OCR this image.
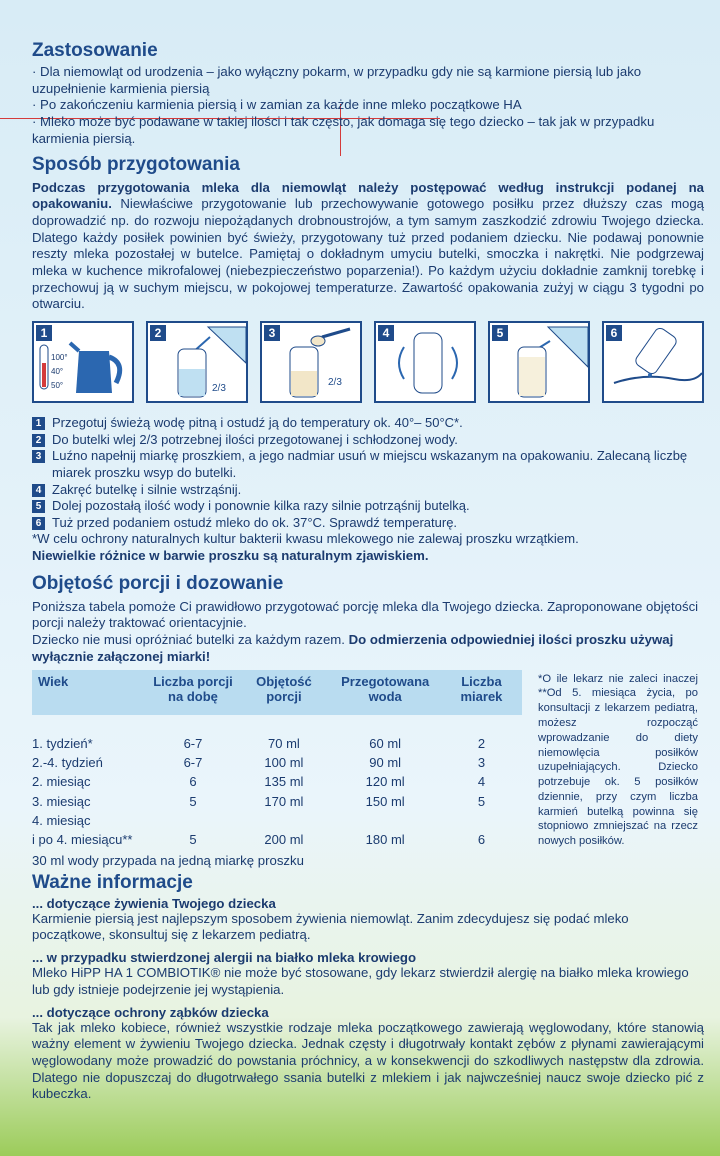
Zastosowanie

· Dla niemowląt od urodzenia – jako wyłączny pokarm, w przypadku gdy nie są karmione piersią lub jako uzupełnienie karmienia piersią

· Po zakończeniu karmienia piersią i w zamian za każde inne mleko początkowe HA

· Mleko może być podawane w takiej ilości i tak często, jak domaga się tego dziecko – tak jak w przypadku karmienia piersią.

Sposób przygotowania

Podczas przygotowania mleka dla niemowląt należy postępować według instrukcji podanej na opakowaniu. Niewłaściwe przygotowanie lub przechowywanie gotowego posiłku przez dłuższy czas mogą doprowadzić np. do rozwoju niepożądanych drobnoustrojów, a tym samym zaszkodzić zdrowiu Twojego dziecka. Dlatego każdy posiłek powinien być świeży, przygotowany tuż przed podaniem dziecku. Nie podawaj ponownie reszty mleka pozostałej w butelce. Pamiętaj o dokładnym umyciu butelki, smoczka i nakrętki. Nie podgrzewaj mleka w kuchence mikrofalowej (niebezpieczeństwo poparzenia!). Po każdym użyciu dokładnie zamknij torebkę i przechowuj ją w suchym miejscu, w pokojowej temperaturze. Zawartość opakowania zużyj w ciągu 3 tygodni po otwarciu.

1
100°
40°
50°
2
2/3
3
2/3
4	5	6
1 Przegotuj świeżą wodę pitną i ostudź ją do temperatury ok. 40°– 50°C*.
2 Do butelki wlej 2/3 potrzebnej ilości przegotowanej i schłodzonej wody.
3 Luźno napełnij miarkę proszkiem, a jego nadmiar usuń w miejscu wskazanym na opakowaniu. Zalecaną liczbę miarek proszku wsyp do butelki.
4 Zakręć butelkę i silnie wstrząśnij.
5 Dolej pozostałą ilość wody i ponownie kilka razy silnie potrząśnij butelką.
6 Tuż przed podaniem ostudź mleko do ok. 37°C. Sprawdź temperaturę.

*W celu ochrony naturalnych kultur bakterii kwasu mlekowego nie zalewaj proszku wrzątkiem.

Niewielkie różnice w barwie proszku są naturalnym zjawiskiem.

Objętość porcji i dozowanie

Poniższa tabela pomoże Ci prawidłowo przygotować porcję mleka dla Twojego dziecka. Zaproponowane objętości porcji należy traktować orientacyjnie.

Dziecko nie musi opróżniać butelki za każdym razem. Do odmierzenia odpowiedniej ilości proszku używaj wyłącznie załączonej miarki!

Wiek	Liczba porcji na dobę	Objętość porcji	Przegotowana woda	Liczba miarek

1. tydzień*	6-7	70 ml	60 ml	2
2.-4. tydzień	6-7	100 ml	90 ml	3
2. miesiąc	6	135 ml	120 ml	4
3. miesiąc	5	170 ml	150 ml	5
4. miesiąc				
i po 4. miesiącu**	5	200 ml	180 ml	6
*O ile lekarz nie zaleci inaczej **Od 5. miesiąca życia, po konsultacji z lekarzem pediatrą, możesz rozpocząć wprowadzanie do diety niemowlęcia posiłków uzupełniających. Dziecko potrzebuje ok. 5 posiłków dziennie, przy czym liczba karmień butelką powinna się stopniowo zmniejszać na rzecz nowych posiłków.

30 ml wody przypada na jedną miarkę proszku

Ważne informacje
... dotyczące żywienia Twojego dziecka

Karmienie piersią jest najlepszym sposobem żywienia niemowląt. Zanim zdecydujesz się podać mleko początkowe, skonsultuj się z lekarzem pediatrą.

... w przypadku stwierdzonej alergii na białko mleka krowiego

Mleko HiPP HA 1 COMBIOTIK® nie może być stosowane, gdy lekarz stwierdził alergię na białko mleka krowiego lub gdy istnieje podejrzenie jej wystąpienia.

... dotyczące ochrony ząbków dziecka

Tak jak mleko kobiece, również wszystkie rodzaje mleka początkowego zawierają węglowodany, które stanowią ważny element w żywieniu Twojego dziecka. Jednak częsty i długotrwały kontakt zębów z płynami zawierającymi węglowodany może prowadzić do powstania próchnicy, a w konsekwencji do szkodliwych następstw dla zdrowia. Dlatego nie dopuszczaj do długotrwałego ssania butelki z mlekiem i jak najwcześniej naucz swoje dziecko pić z kubeczka.
